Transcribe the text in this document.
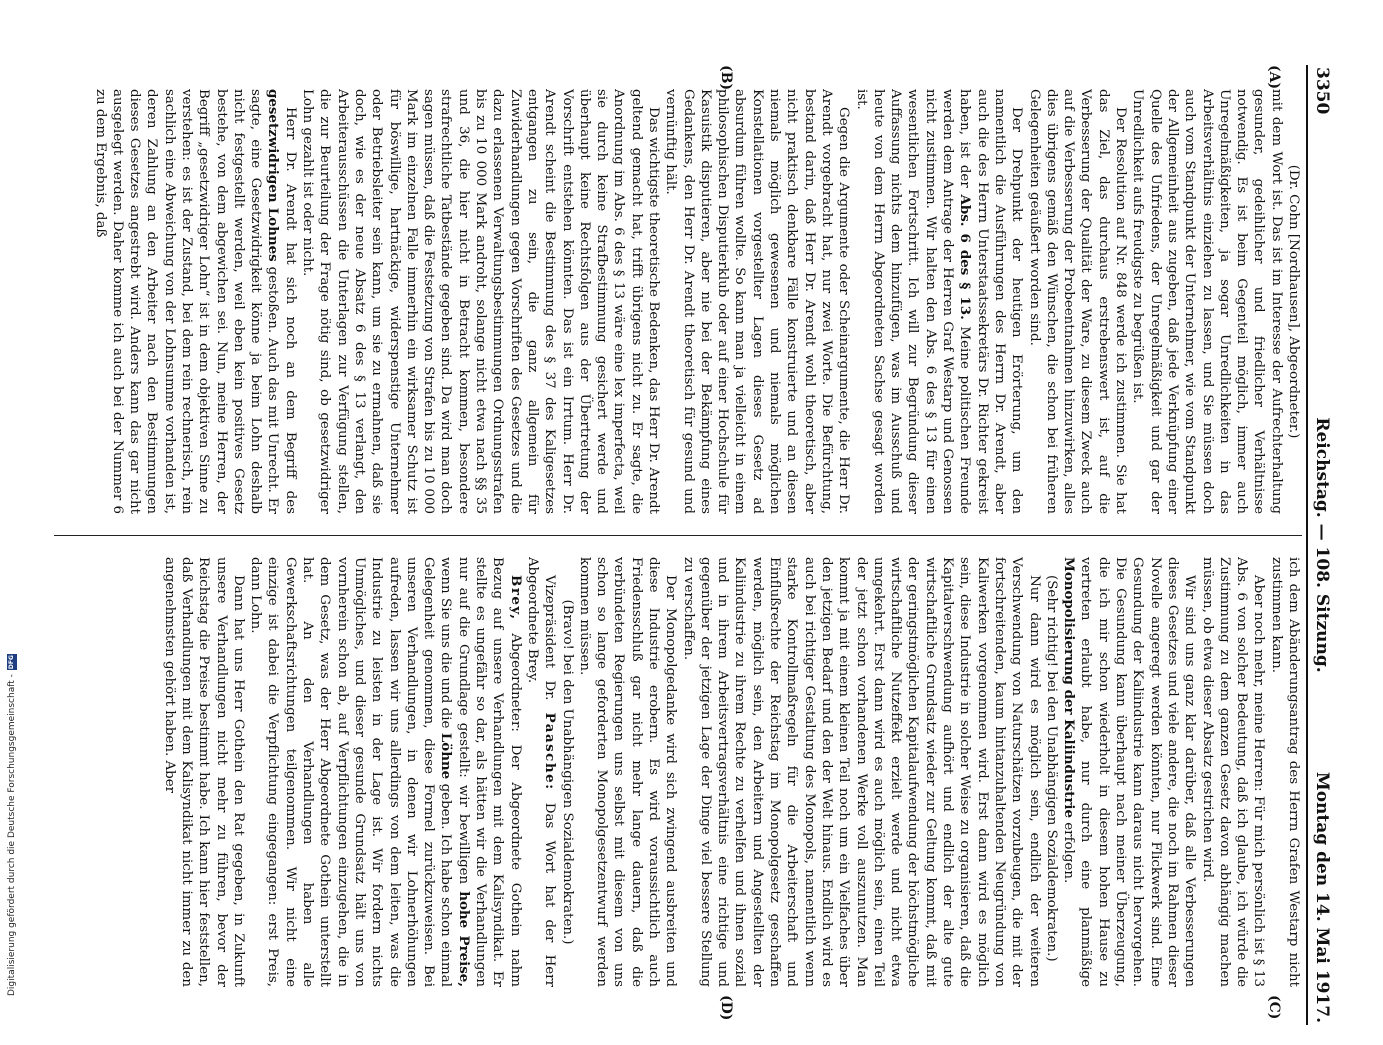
3350
Reichstag. — 108. Sitzung.
Montag den 14. Mai 1917.
(A)
(B)
(C)
(D)

(Dr. Cohn [Nordhausen], Abgeordneter.)

mit dem Wort ist. Das ist im Interesse der Aufrechterhaltung gesunder, gedeihlicher und friedlicher Verhältnisse notwendig. Es ist beim Gegenteil möglich, immer auch Unregelmäßigkeiten, ja sogar Unredlichkeiten in das Arbeitsverhältnis einziehen zu lassen, und Sie müssen doch auch vom Standpunkt der Unternehmer, wie vom Standpunkt der Allgemeinheit aus zugeben, daß jede Verknüpfung einer Quelle des Unfriedens, der Unregelmäßigkeit und gar der Unredlichkeit aufs freudigste zu begrüßen ist.

Der Resolution auf Nr. 848 werde ich zustimmen. Sie hat das Ziel, das durchaus erstrebenswert ist, auf die Verbesserung der Qualität der Ware, zu diesem Zweck auch auf die Verbesserung der Probeentnahmen hinzuwirken, alles dies übrigens gemäß den Wünschen, die schon bei früheren Gelegenheiten geäußert worden sind.

Der Drehpunkt der heutigen Erörterung, um den namentlich die Ausführungen des Herrn Dr. Arendt, aber auch die des Herrn Unterstaatssekretärs Dr. Richter gekreist haben, ist der Abs. 6 des § 13. Meine politischen Freunde werden dem Antrage der Herren Graf Westarp und Genossen nicht zustimmen. Wir halten den Abs. 6 des § 13 für einen wesentlichen Fortschritt. Ich will zur Begründung dieser Auffassung nichts dem hinzufügen, was im Ausschuß und heute von dem Herrn Abgeordneten Sachse gesagt worden ist.

Gegen die Argumente oder Scheinargumente, die Herr Dr. Arendt vorgebracht hat, nur zwei Worte. Die Befürchtung, bestand darin, daß Herr Dr. Arendt wohl theoretisch, aber nicht praktisch denkbare Fälle konstruierte und an diesen niemals möglich gewesenen und niemals möglichen Konstellationen vorgestellter Lagen dieses Gesetz ad absurdum führen wollte. So kann man ja vielleicht in einem philosophischen Disputierklub oder auf einer Hochschule für Kasuistik disputieren, aber nie bei der Bekämpfung eines Gedankens, den Herr Dr. Arendt theoretisch für gesund und vernünftig hält.

Das wichtigste theoretische Bedenken, das Herr Dr. Arendt geltend gemacht hat, trifft übrigens nicht zu. Er sagte, die Anordnung im Abs. 6 des § 13 wäre eine lex imperfecta, weil sie durch keine Strafbestimmung gesichert werde und überhaupt keine Rechtsfolgen aus der Übertretung der Vorschrift entstehen könnten. Das ist ein Irrtum. Herr Dr. Arendt scheint die Bestimmung des § 37 des Kaligesetzes entgangen zu sein, die ganz allgemein für Zuwiderhandlungen gegen Vorschriften des Gesetzes und die dazu erlassenen Verwaltungsbestimmungen Ordnungsstrafen bis zu 10 000 Mark androht, solange nicht etwa nach §§ 35 und 36, die hier nicht in Betracht kommen, besondere strafrechtliche Tatbestände gegeben sind. Da wird man doch sagen müssen, daß die Festsetzung von Strafen bis zu 10 000 Mark im einzelnen Falle immerhin ein wirksamer Schutz ist für böswillige, hartnäckige, widerspenstige Unternehmer oder Betriebsleiter sein kann, um sie zu ermahnen, daß sie doch, wie es der neue Absatz 6 des § 13 verlangt, den Arbeiterausschüssen die Unterlagen zur Verfügung stellen, die zur Beurteilung der Frage nötig sind, ob gesetzwidriger Lohn gezahlt ist oder nicht.

Herr Dr. Arendt hat sich noch an dem Begriff des gesetzwidrigen Lohnes gestoßen. Auch das mit Unrecht. Er sagte, eine Gesetzwidrigkeit könne ja beim Lohn deshalb nicht festgestellt werden, weil eben kein positives Gesetz bestehe, von dem abgewichen sei. Nun, meine Herren, der Begriff „gesetzwidriger Lohn“ ist in dem objektiven Sinne zu verstehen: es ist der Zustand, bei dem rein rechnerisch, rein sachlich eine Abweichung von der Lohnsumme vorhanden ist, deren Zahlung an den Arbeiter nach den Bestimmungen dieses Gesetzes angestrebt wird. Anders kann das gar nicht ausgelegt werden. Daher komme ich auch bei der Nummer 6 zu dem Ergebnis, daß

ich dem Abänderungsantrag des Herrn Grafen Westarp nicht zustimmen kann.

Aber noch mehr, meine Herren: Für mich persönlich ist § 13 Abs. 6 von solcher Bedeutung, daß ich glaube, ich würde die Zustimmung zu dem ganzen Gesetz davon abhängig machen müssen, ob etwa dieser Absatz gestrichen wird.

Wir sind uns ganz klar darüber, daß alle Verbesserungen dieses Gesetzes und viele andere, die noch im Rahmen dieser Novelle angeregt werden könnten, nur Flickwerk sind. Eine Gesundung der Kaliindustrie kann daraus nicht hervorgehen. Die Gesundung kann überhaupt nach meiner Überzeugung, die ich mir schon wiederholt in diesem hohen Hause zu vertreten erlaubt habe, nur durch eine planmäßige Monopolisierung der Kaliindustrie erfolgen.

(Sehr richtig! bei den Unabhängigen Sozialdemokraten.)

Nur dann wird es möglich sein, endlich der weiteren Verschwendung von Naturschätzen vorzubeugen, die mit der fortschreitenden, kaum hintanzuhaltenden Neugründung von Kaliwerken vorgenommen wird. Erst dann wird es möglich sein, diese Industrie in solcher Weise zu organisieren, daß die Kapitalverschwendung aufhört und endlich der alte gute wirtschaftliche Grundsatz wieder zur Geltung kommt, daß mit der geringstmöglichen Kapitalaufwendung der höchstmögliche wirtschaftliche Nutzeffekt erzielt werde und nicht etwa umgekehrt. Erst dann wird es auch möglich sein, einen Teil der jetzt schon vorhandenen Werke voll auszunutzen. Man kommt ja mit einem kleinen Teil noch um ein Vielfaches über den jetzigen Bedarf und den der Welt hinaus. Endlich wird es auch bei richtiger Gestaltung des Monopols, namentlich wenn starke Kontrollmaßregeln für die Arbeiterschaft und Einflußrechte der Reichstag im Monopolgesetz geschaffen werden, möglich sein, den Arbeitern und Angestellten der Kaliindustrie zu ihrem Rechte zu verhelfen und ihnen sozial und in ihrem Arbeitsvertragsverhältnis eine richtige und gegenüber der jetzigen Lage der Dinge viel bessere Stellung zu verschaffen.

Der Monopolgedanke wird sich zwingend ausbreiten und diese Industrie erobern. Es wird voraussichtlich auch Friedensschluß gar nicht mehr lange dauern, daß die verbündeten Regierungen uns selbst mit diesem von uns schon so lange geforderten Monopolgesetzentwurf werden kommen müssen.

(Bravo! bei den Unabhängigen Sozialdemokraten.)

Vizepräsident Dr. Paasche: Das Wort hat der Herr Abgeordnete Brey.

Brey, Abgeordneter: Der Abgeordnete Gothein nahm Bezug auf unsere Verhandlungen mit dem Kalisyndikat. Er stellte es ungefähr so dar, als hätten wir die Verhandlungen nur auf die Grundlage gestellt: wir bewilligen hohe Preise, wenn Sie uns die und die Löhne geben. Ich habe schon einmal Gelegenheit genommen, diese Formel zurückzuweisen. Bei unseren Verhandlungen, in denen wir Lohnerhöhungen aufreden, lassen wir uns allerdings von dem leiten, was die Industrie zu leisten in der Lage ist. Wir fordern nichts Unmögliches, und dieser gesunde Grundsatz hält uns von vornherein schon ab, auf Verpflichtungen einzugehen, die in dem Gesetz, was der Herr Abgeordnete Gothein unterstellt hat. An den Verhandlungen haben alle Gewerkschaftsrichtungen teilgenommen. Wir nicht eine einzige ist dabei die Verpflichtung eingegangen: erst Preis, dann Lohn.

Dann hat uns Herr Gothein den Rat gegeben, in Zukunft unsere Verhandlungen nicht mehr zu führen, bevor der Reichstag die Preise bestimmt habe. Ich kann hier feststellen, daß Verhandlungen mit dem Kalisyndikat nicht immer zu den angenehmsten gehört haben. Aber

Digitalisierung gefördert durch die Deutsche Forschungsgemeinschaft -
DFG
